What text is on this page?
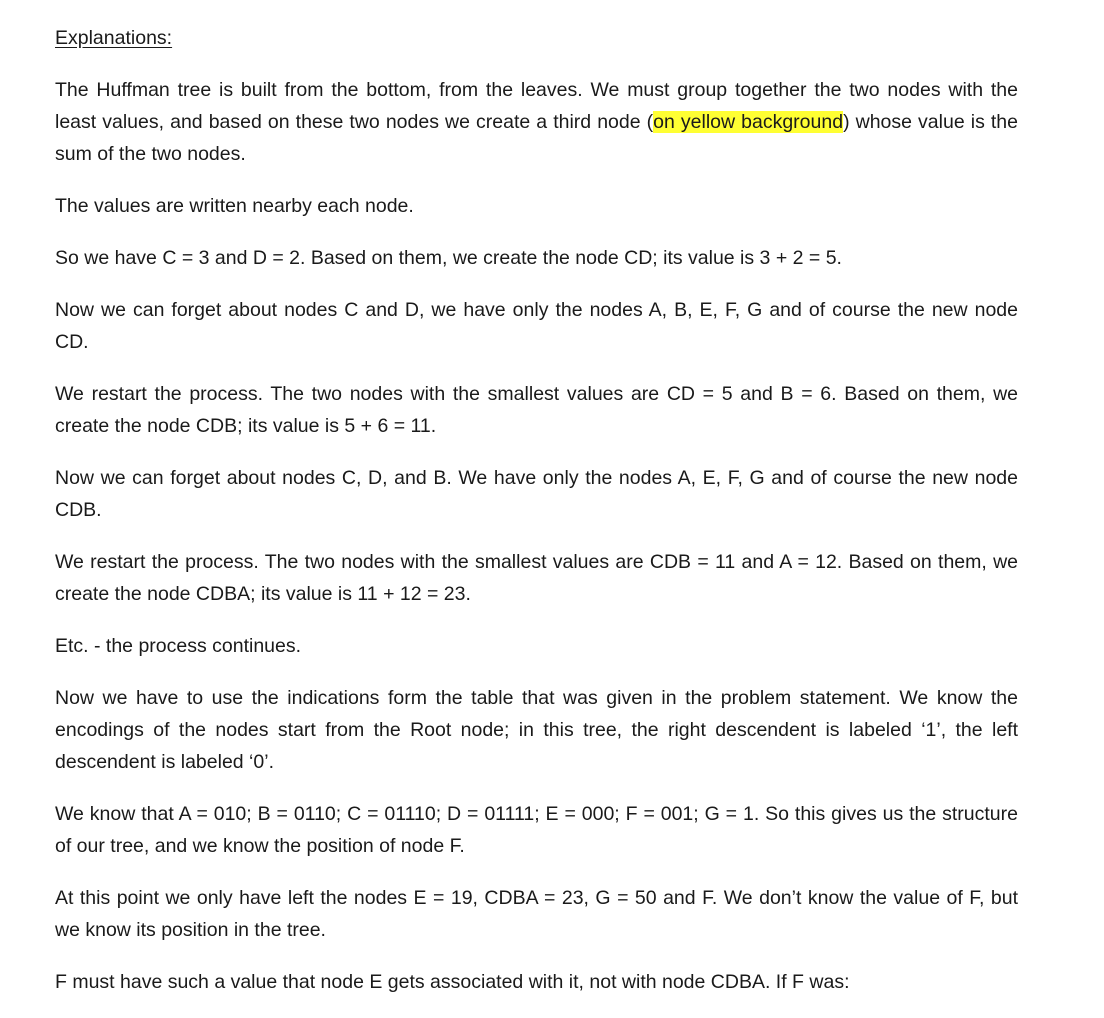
Explanations:

The Huffman tree is built from the bottom, from the leaves. We must group together the two nodes with the least values, and based on these two nodes we create a third node (on yellow background) whose value is the sum of the two nodes.

The values are written nearby each node.

So we have C = 3 and D = 2. Based on them, we create the node CD; its value is 3 + 2 = 5.

Now we can forget about nodes C and D, we have only the nodes A, B, E, F, G and of course the new node CD.

We restart the process. The two nodes with the smallest values are CD = 5 and B = 6. Based on them, we create the node CDB; its value is 5 + 6 = 11.

Now we can forget about nodes C, D, and B. We have only the nodes A, E, F, G and of course the new node CDB.

We restart the process. The two nodes with the smallest values are CDB = 11 and A = 12. Based on them, we create the node CDBA; its value is 11 + 12 = 23.

Etc. - the process continues.

Now we have to use the indications form the table that was given in the problem statement. We know the encodings of the nodes start from the Root node; in this tree, the right descendent is labeled ‘1’, the left descendent is labeled ‘0’.

We know that A = 010; B = 0110; C = 01110; D = 01111; E = 000; F = 001; G = 1. So this gives us the structure of our tree, and we know the position of node F.

At this point we only have left the nodes E = 19, CDBA = 23, G = 50 and F. We don’t know the value of F, but we know its position in the tree.

F must have such a value that node E gets associated with it, not with node CDBA. If F was:
